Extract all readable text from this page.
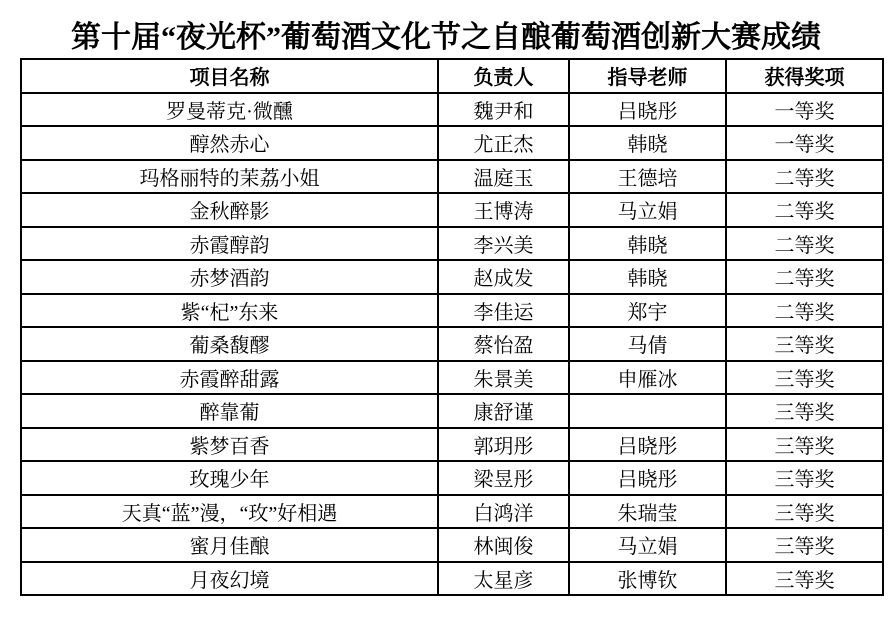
第十届“夜光杯”葡萄酒文化节之自酿葡萄酒创新大赛成绩
项目名称	负责人	指导老师	获得奖项
罗曼蒂克·微醺	魏尹和	吕晓彤	一等奖
醇然赤心	尤正杰	韩晓	一等奖
玛格丽特的茉荔小姐	温庭玉	王德培	二等奖
金秋醉影	王博涛	马立娟	二等奖
赤霞醇韵	李兴美	韩晓	二等奖
赤梦酒韵	赵成发	韩晓	二等奖
紫“杞”东来	李佳运	郑宇	二等奖
葡桑馥醪	蔡怡盈	马倩	三等奖
赤霞醉甜露	朱景美	申雁冰	三等奖
醉靠葡	康舒谨		三等奖
紫梦百香	郭玥彤	吕晓彤	三等奖
玫瑰少年	梁昱彤	吕晓彤	三等奖
天真“蓝”漫，“玫”好相遇	白鸿洋	朱瑞莹	三等奖
蜜月佳酿	林闽俊	马立娟	三等奖
月夜幻境	太星彦	张博钦	三等奖
